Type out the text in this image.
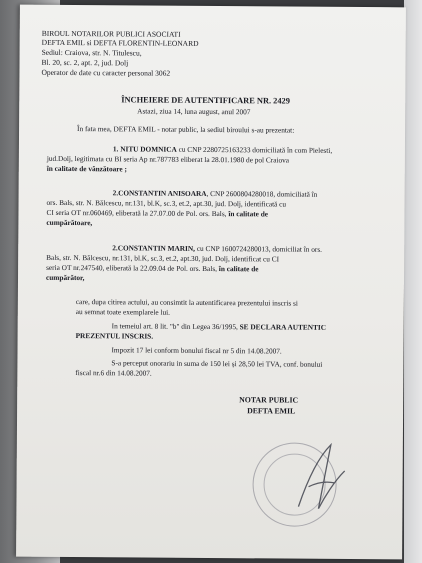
BIROUL NOTARILOR PUBLICI ASOCIATI
DEFTA EMIL si DEFTA FLORENTIN-LEONARD
Sediul: Craiova, str. N. Titulescu,
Bl. 20, sc. 2, apt. 2, jud. Dolj
Operator de date cu caracter personal 3062
ÎNCHEIERE DE AUTENTIFICARE NR. 2429
Astazi, ziua 14, luna august, anul 2007
În fata mea, DEFTA EMIL - notar public, la sediul biroului s-au prezentat:
1. NITU DOMNICA cu CNP 2280725163233 domiciliată în com Pielesti,
jud.Dolj, legitimata cu BI seria Ap nr.787783 eliberat la 28.01.1980 de pol Craiova
în calitate de vânzătoare ;
2.CONSTANTIN ANISOARA, CNP 2600804280018, domiciliată în
ors. Bals, str. N. Bălcescu, nr.131, bl.K, sc.3, et.2, apt.30, jud. Dolj, identificată cu
CI seria OT nr.060469, eliberată la 27.07.00 de Pol. ors. Bals, în calitate de
cumpărătoare,
2.CONSTANTIN MARIN, cu CNP 1600724280013, domiciliat în ors.
Bals, str. N. Bălcescu, nr.131, bl.K, sc.3, et.2, apt.30, jud. Dolj, identificat cu CI
seria OT nr.247540, eliberată la 22.09.04 de Pol. ors. Bals, în calitate de
cumpărător,
care, dupa citirea actului, au consimtit la autentificarea prezentului inscris si
au semnat toate exemplarele lui.
In temeiul art. 8 lit. "b" din Legea 36/1995, SE DECLARA AUTENTIC
PREZENTUL INSCRIS.
Impozit 17 lei conform bonului fiscal nr 5 din 14.08.2007.
S-a perceput onorariu in suma de 150 lei și 28,50 lei TVA, conf. bonului
fiscal nr.6 din 14.08.2007.
NOTAR PUBLIC
DEFTA EMIL
